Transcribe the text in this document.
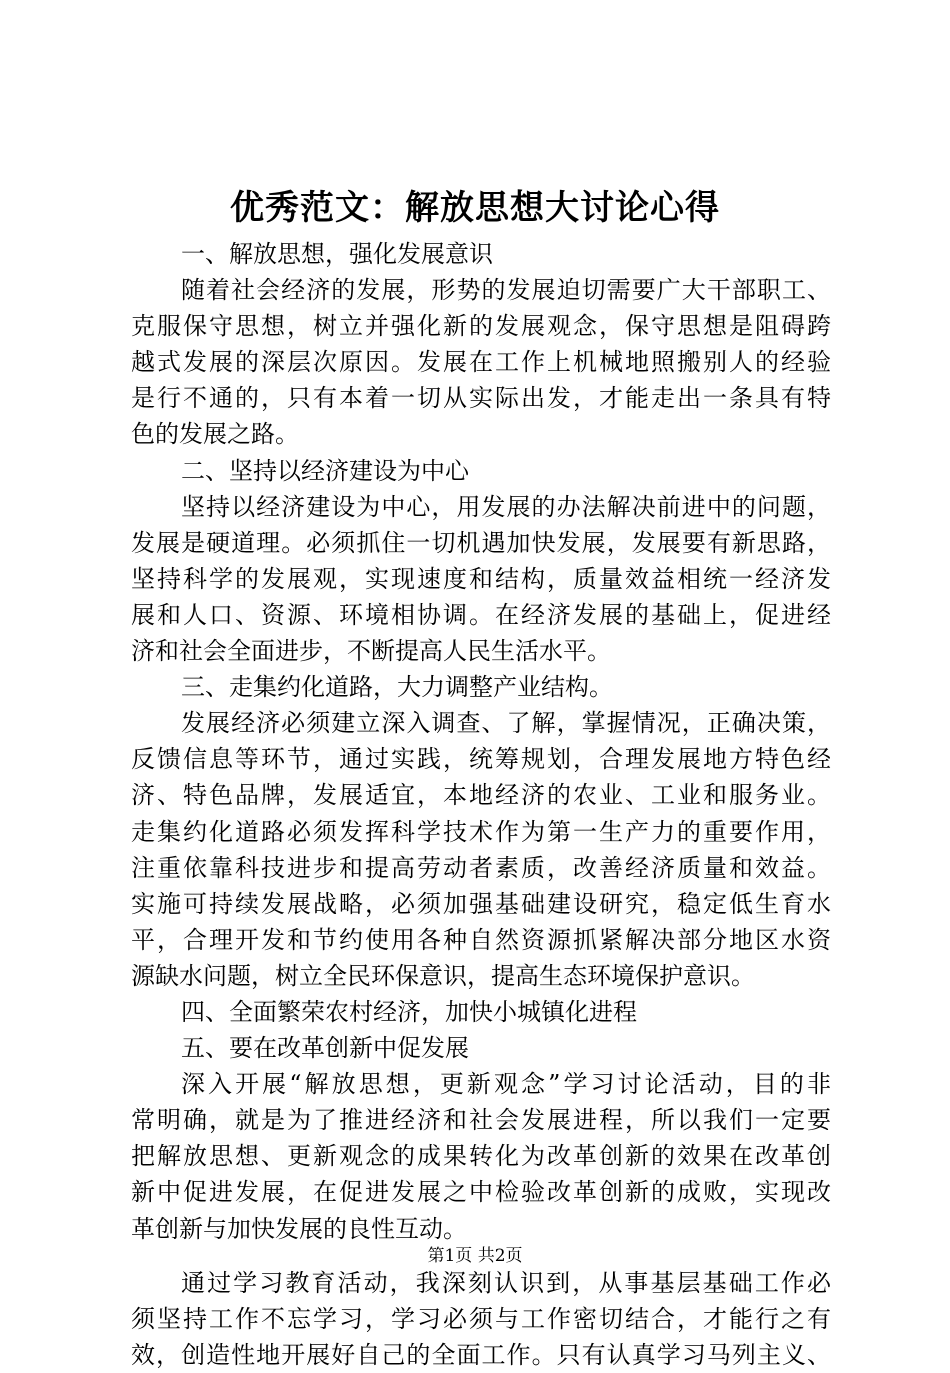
优秀范文：解放思想大讨论心得
一、解放思想，强化发展意识
随着社会经济的发展，形势的发展迫切需要广大干部职工、
克服保守思想，树立并强化新的发展观念，保守思想是阻碍跨
越式发展的深层次原因。发展在工作上机械地照搬别人的经验
是行不通的，只有本着一切从实际出发，才能走出一条具有特
色的发展之路。
二、坚持以经济建设为中心
坚持以经济建设为中心，用发展的办法解决前进中的问题，
发展是硬道理。必须抓住一切机遇加快发展，发展要有新思路，
坚持科学的发展观，实现速度和结构，质量效益相统一经济发
展和人口、资源、环境相协调。在经济发展的基础上，促进经
济和社会全面进步，不断提高人民生活水平。
三、走集约化道路，大力调整产业结构。
发展经济必须建立深入调查、了解，掌握情况，正确决策，
反馈信息等环节，通过实践，统筹规划，合理发展地方特色经
济、特色品牌，发展适宜，本地经济的农业、工业和服务业。
走集约化道路必须发挥科学技术作为第一生产力的重要作用，
注重依靠科技进步和提高劳动者素质，改善经济质量和效益。
实施可持续发展战略，必须加强基础建设研究，稳定低生育水
平，合理开发和节约使用各种自然资源抓紧解决部分地区水资
源缺水问题，树立全民环保意识，提高生态环境保护意识。
四、全面繁荣农村经济，加快小城镇化进程
五、要在改革创新中促发展
深入开展“解放思想，更新观念”学习讨论活动，目的非
常明确，就是为了推进经济和社会发展进程，所以我们一定要
把解放思想、更新观念的成果转化为改革创新的效果在改革创
新中促进发展，在促进发展之中检验改革创新的成败，实现改
革创新与加快发展的良性互动。
通过学习教育活动，我深刻认识到，从事基层基础工作必
须坚持工作不忘学习，学习必须与工作密切结合，才能行之有
效，创造性地开展好自己的全面工作。只有认真学习马列主义、
第1页 共2页
